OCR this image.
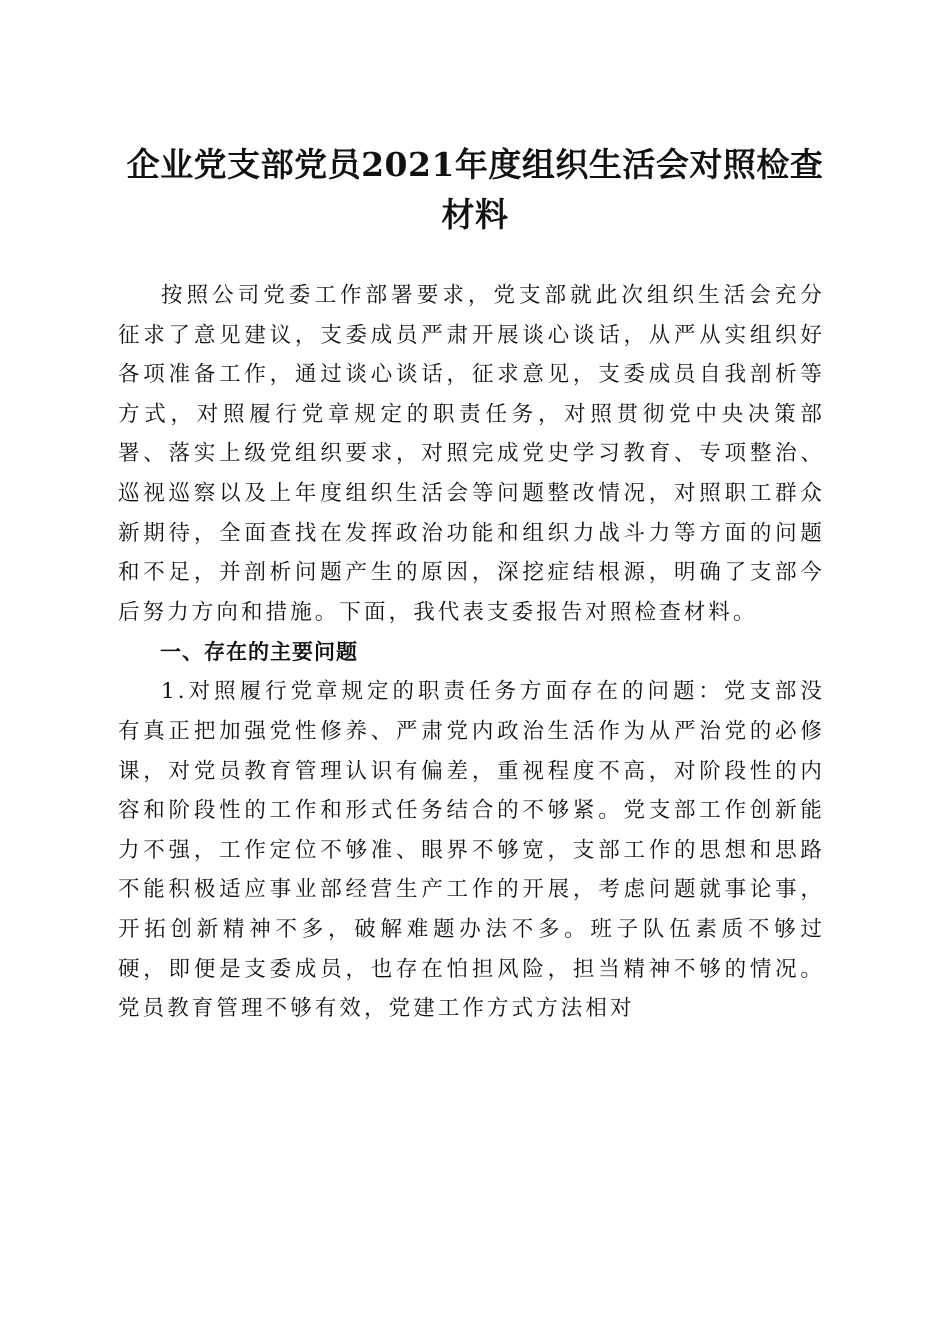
企业党支部党员2021年度组织生活会对照检查材料

按照公司党委工作部署要求，党支部就此次组织生活会充分征求了意见建议，支委成员严肃开展谈心谈话，从严从实组织好各项准备工作，通过谈心谈话，征求意见，支委成员自我剖析等方式，对照履行党章规定的职责任务，对照贯彻党中央决策部署、落实上级党组织要求，对照完成党史学习教育、专项整治、巡视巡察以及上年度组织生活会等问题整改情况，对照职工群众新期待，全面查找在发挥政治功能和组织力战斗力等方面的问题和不足，并剖析问题产生的原因，深挖症结根源，明确了支部今后努力方向和措施。下面，我代表支委报告对照检查材料。

一、存在的主要问题

1.对照履行党章规定的职责任务方面存在的问题：党支部没有真正把加强党性修养、严肃党内政治生活作为从严治党的必修课，对党员教育管理认识有偏差，重视程度不高，对阶段性的内容和阶段性的工作和形式任务结合的不够紧。党支部工作创新能力不强，工作定位不够准、眼界不够宽，支部工作的思想和思路不能积极适应事业部经营生产工作的开展，考虑问题就事论事，开拓创新精神不多，破解难题办法不多。班子队伍素质不够过硬，即便是支委成员，也存在怕担风险，担当精神不够的情况。党员教育管理不够有效，党建工作方式方法相对
